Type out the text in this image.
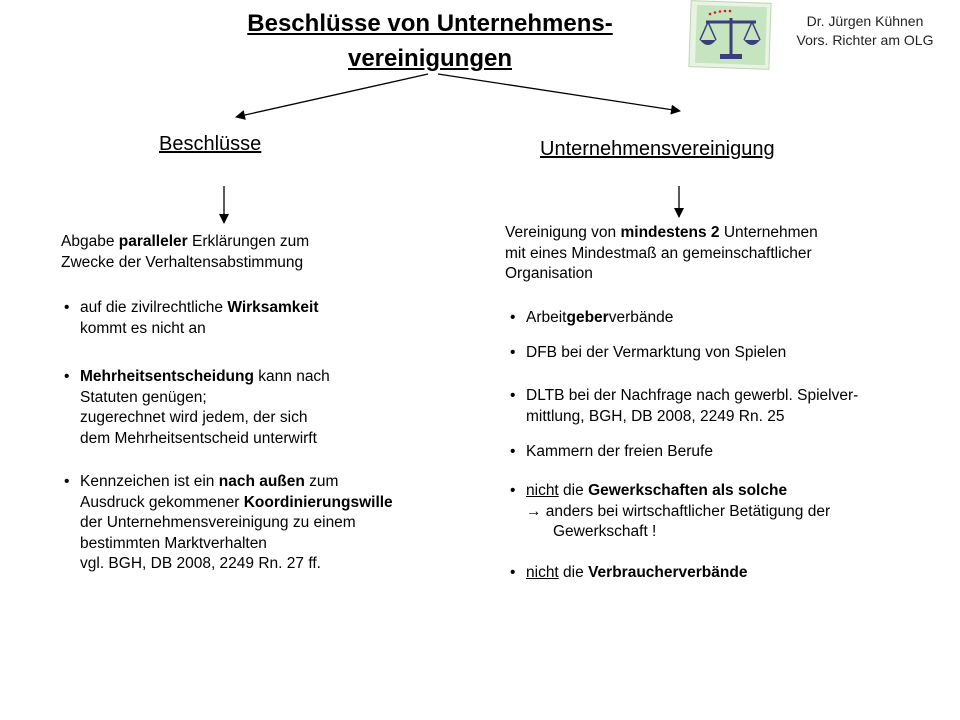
Beschlüsse von Unternehmens-
vereinigungen
Dr. Jürgen Kühnen
Vors. Richter am OLG
Beschlüsse
Abgabe paralleler Erklärungen zum
Zwecke der Verhaltensabstimmung
• auf die zivilrechtliche Wirksamkeit
kommt es nicht an
• Mehrheitsentscheidung kann nach
Statuten genügen;
zugerechnet wird jedem, der sich
dem Mehrheitsentscheid unterwirft
• Kennzeichen ist ein nach außen zum
Ausdruck gekommener Koordinierungswille
der Unternehmensvereinigung zu einem
bestimmten Marktverhalten
vgl. BGH, DB 2008, 2249 Rn. 27 ff.
Unternehmensvereinigung
Vereinigung von mindestens 2 Unternehmen
mit eines Mindestmaß an gemeinschaftlicher
Organisation
• Arbeitgeberverbände
• DFB bei der Vermarktung von Spielen
• DLTB bei der Nachfrage nach gewerbl. Spielver-
mittlung, BGH, DB 2008, 2249 Rn. 25
• Kammern der freien Berufe
• nicht die Gewerkschaften als solche
→ anders bei wirtschaftlicher Betätigung der
Gewerkschaft !
• nicht die Verbraucherverbände
